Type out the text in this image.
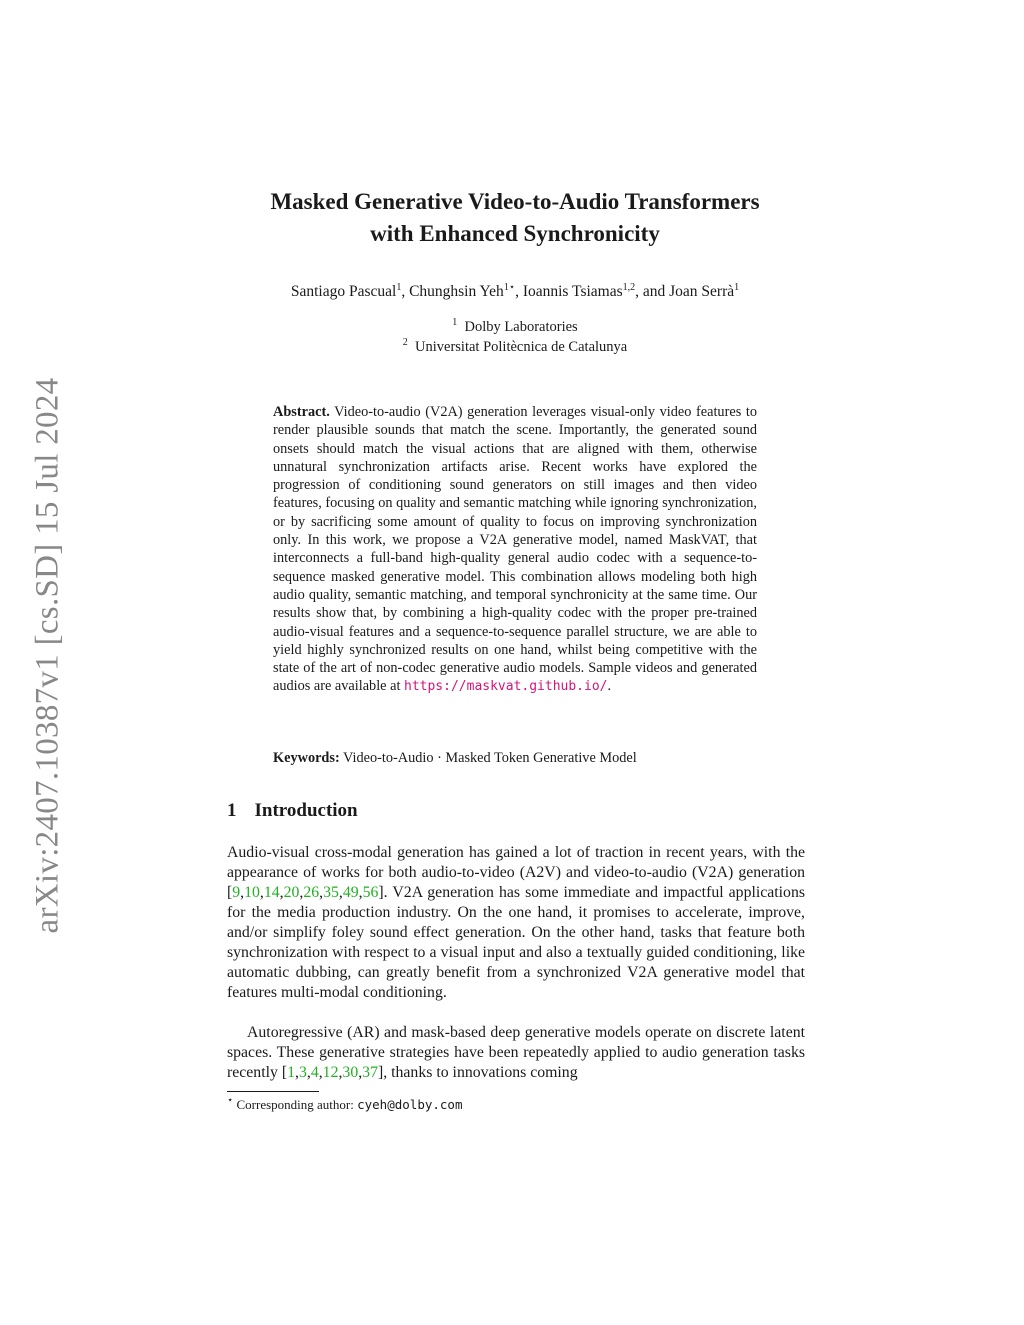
arXiv:2407.10387v1 [cs.SD] 15 Jul 2024
Masked Generative Video-to-Audio Transformers
with Enhanced Synchronicity
Santiago Pascual$^1$, Chunghsin Yeh$^{1⋆}$, Ioannis Tsiamas$^{1,2}$, and Joan Serrà$^1$
$^1$ Dolby Laboratories
$^2$ Universitat Politècnica de Catalunya
Abstract. Video-to-audio (V2A) generation leverages visual-only video features to render plausible sounds that match the scene. Importantly, the generated sound onsets should match the visual actions that are aligned with them, otherwise unnatural synchronization artifacts arise. Recent works have explored the progression of conditioning sound generators on still images and then video features, focusing on quality and semantic matching while ignoring synchronization, or by sacrificing some amount of quality to focus on improving synchronization only. In this work, we propose a V2A generative model, named MaskVAT, that interconnects a full-band high-quality general audio codec with a sequence-to-sequence masked generative model. This combination allows modeling both high audio quality, semantic matching, and temporal synchronicity at the same time. Our results show that, by combining a high-quality codec with the proper pre-trained audio-visual features and a sequence-to-sequence parallel structure, we are able to yield highly synchronized results on one hand, whilst being competitive with the state of the art of non-codec generative audio models. Sample videos and generated audios are available at https://maskvat.github.io/.
Keywords: Video-to-Audio · Masked Token Generative Model
1 Introduction

Audio-visual cross-modal generation has gained a lot of traction in recent years, with the appearance of works for both audio-to-video (A2V) and video-to-audio (V2A) generation [9,10,14,20,26,35,49,56]. V2A generation has some immediate and impactful applications for the media production industry. On the one hand, it promises to accelerate, improve, and/or simplify foley sound effect generation. On the other hand, tasks that feature both synchronization with respect to a visual input and also a textually guided conditioning, like automatic dubbing, can greatly benefit from a synchronized V2A generative model that features multi-modal conditioning.

Autoregressive (AR) and mask-based deep generative models operate on discrete latent spaces. These generative strategies have been repeatedly applied to audio generation tasks recently [1,3,4,12,30,37], thanks to innovations coming

⋆ Corresponding author: cyeh@dolby.com
